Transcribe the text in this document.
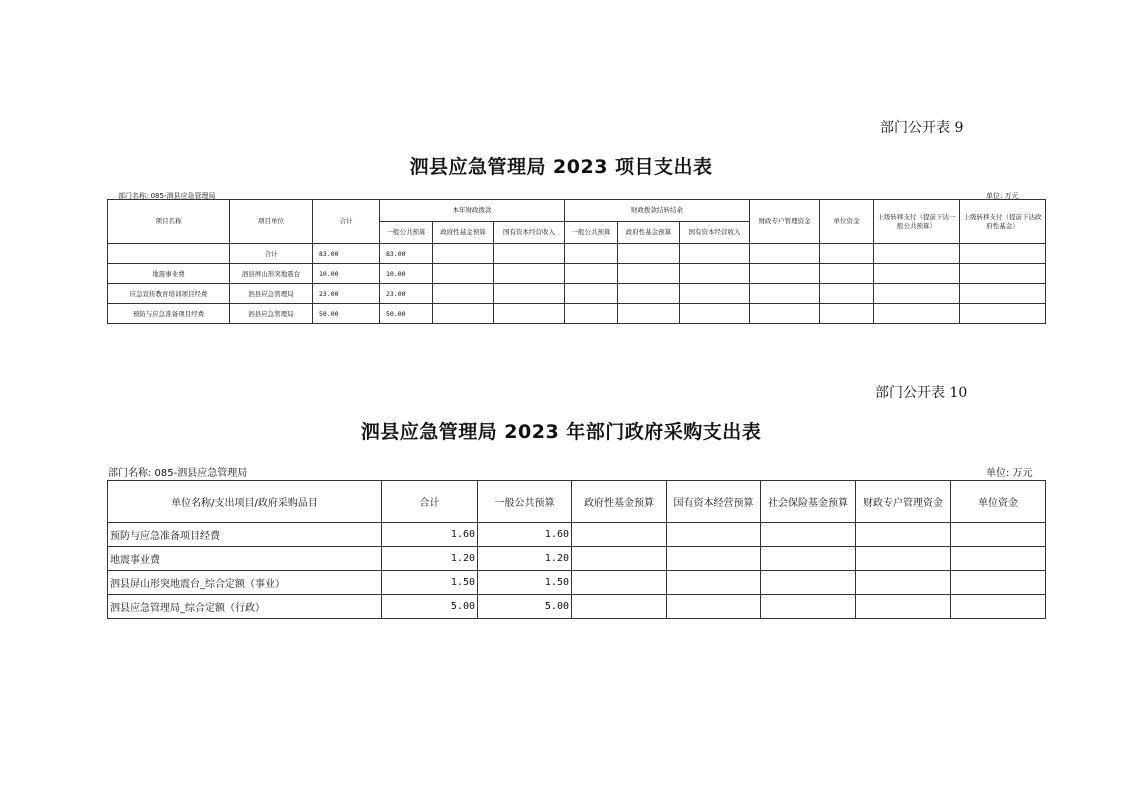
部门公开表 9
泗县应急管理局 2023 项目支出表
部门名称: 085-泗县应急管理局	单位: 万元
项目名称	项目单位	合计	本年财政拨款			财政拨款结转结余			财政专户管理资金	单位资金	上级转移支付（提前下达一般公共预算）	上级转移支付（提前下达政府性基金）
			一般公共预算	政府性基金预算	国有资本经营收入	一般公共预算	政府性基金预算	国有资本经营收入				
	合计	83.00	83.00									
地震事业费	泗县屏山形突地震台	10.00	10.00									
应急宣传教育培训项目经费	泗县应急管理局	23.00	23.00									
预防与应急准备项目经费	泗县应急管理局	50.00	50.00									
部门公开表 10
泗县应急管理局 2023 年部门政府采购支出表
部门名称: 085-泗县应急管理局	单位: 万元
单位名称/支出项目/政府采购品目	合计	一般公共预算	政府性基金预算	国有资本经营预算	社会保险基金预算	财政专户管理资金	单位资金
预防与应急准备项目经费	1.60	1.60					
地震事业费	1.20	1.20					
泗县屏山形突地震台_综合定额（事业）	1.50	1.50					
泗县应急管理局_综合定额（行政）	5.00	5.00					
